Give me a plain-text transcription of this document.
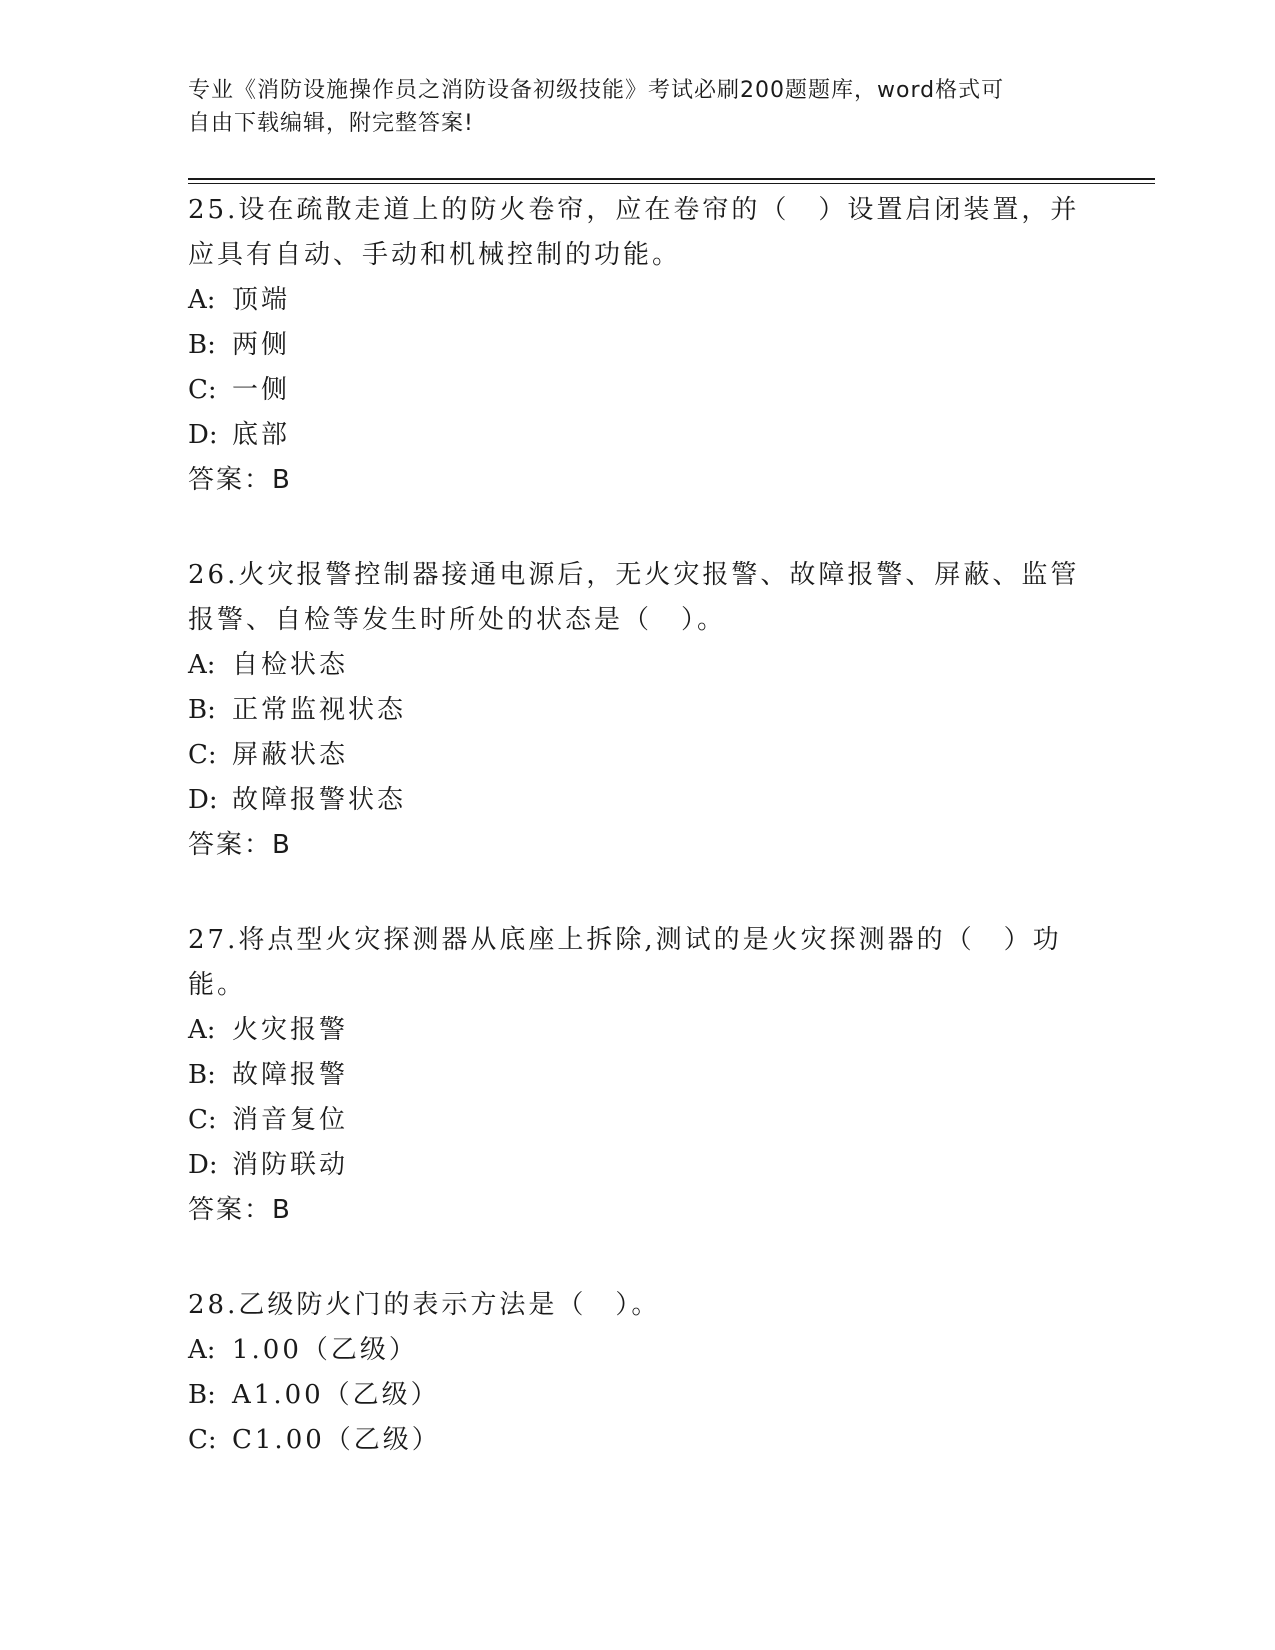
专业《消防设施操作员之消防设备初级技能》考试必刷200题题库，word格式可
自由下载编辑，附完整答案!
25.设在疏散走道上的防火卷帘，应在卷帘的（　）设置启闭装置，并
应具有自动、手动和机械控制的功能。
A: 顶端
B: 两侧
C: 一侧
D: 底部
答案：B
26.火灾报警控制器接通电源后，无火灾报警、故障报警、屏蔽、监管
报警、自检等发生时所处的状态是（　）。
A: 自检状态
B: 正常监视状态
C: 屏蔽状态
D: 故障报警状态
答案：B
27.将点型火灾探测器从底座上拆除,测试的是火灾探测器的（　）功
能。
A: 火灾报警
B: 故障报警
C: 消音复位
D: 消防联动
答案：B
28.乙级防火门的表示方法是（　）。
A: 1.00（乙级）
B: A1.00（乙级）
C: C1.00（乙级）
